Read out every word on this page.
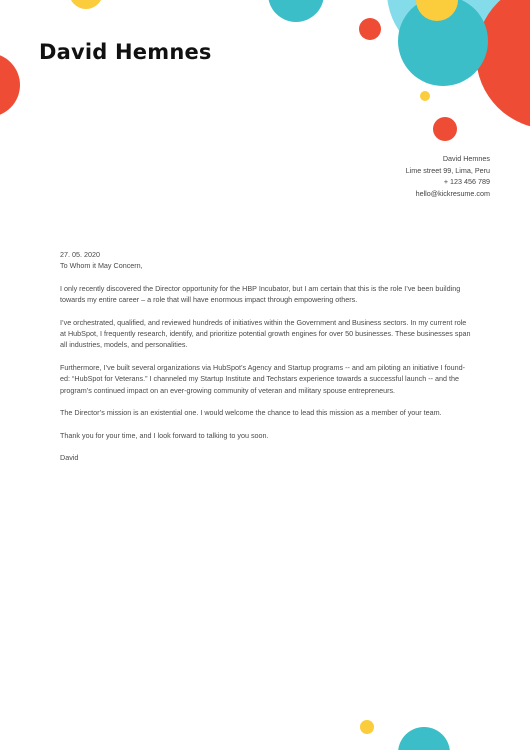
David Hemnes
David Hemnes
Lime street 99, Lima, Peru
+ 123 456 789
hello@kickresume.com
27. 05. 2020
To Whom it May Concern,
I only recently discovered the Director opportunity for the HBP Incubator, but I am certain that this is the role I’ve been building
towards my entire career – a role that will have enormous impact through empowering others.
I’ve orchestrated, qualified, and reviewed hundreds of initiatives within the Government and Business sectors. In my current role
at HubSpot, I frequently research, identify, and prioritize potential growth engines for over 50 businesses. These businesses span
all industries, models, and personalities.
Furthermore, I’ve built several organizations via HubSpot’s Agency and Startup programs -- and am piloting an initiative I found-
ed: “HubSpot for Veterans.” I channeled my Startup Institute and Techstars experience towards a successful launch -- and the
program’s continued impact on an ever-growing community of veteran and military spouse entrepreneurs.
The Director’s mission is an existential one. I would welcome the chance to lead this mission as a member of your team.
Thank you for your time, and I look forward to talking to you soon.
David
